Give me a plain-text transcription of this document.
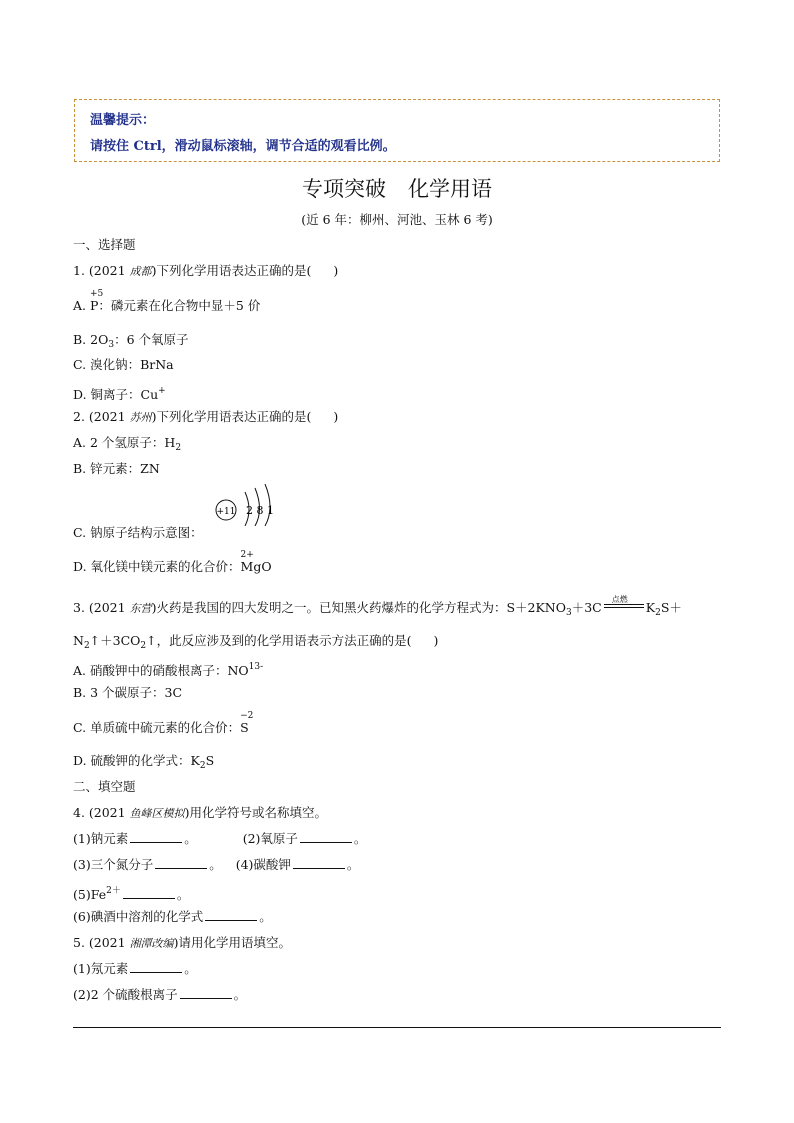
温馨提示：
请按住 Ctrl，滑动鼠标滚轴，调节合适的观看比例。
专项突破 化学用语
(近 6 年：柳州、河池、玉林 6 考)
一、选择题
1. (2021 成都)下列化学用语表达正确的是( )
A.
+5
P：磷元素在化合物中显＋5 价
B. $2O_3$：6 个氧原子
C. 溴化钠：BrNa
D. 铜离子：Cu+
2. (2021 苏州)下列化学用语表达正确的是( )
A. 2 个氢原子：$H_2$
B. 锌元素：ZN
+11 2 8 1
C. 钠原子结构示意图：
D. 氧化镁中镁元素的化合价：
2+
MgO
3. (2021 东营)火药是我国的四大发明之一。已知黑火药爆炸的化学方程式为：$S+2KNO_3+3C$
点燃
$K_2S+$
$N_2↑+3CO_2↑$，此反应涉及到的化学用语表示方法正确的是( )
A. 硝酸钾中的硝酸根离子：$NO^{13-}$
B. 3 个碳原子：3C
C. 单质硫中硫元素的化合价：
−2
S
D. 硫酸钾的化学式：$K_2S$
二、填空题
4. (2021 鱼峰区模拟)用化学符号或名称填空。
(1)钠元素	。	(2)氧原子	。
(3)三个氮分子	。 (4)碳酸钾	。
$(5)Fe^{2+}$	。
(6)碘酒中溶剂的化学式	。
5. (2021 湘潭改编)请用化学用语填空。
(1)氖元素	。
(2)2 个硫酸根离子	。
